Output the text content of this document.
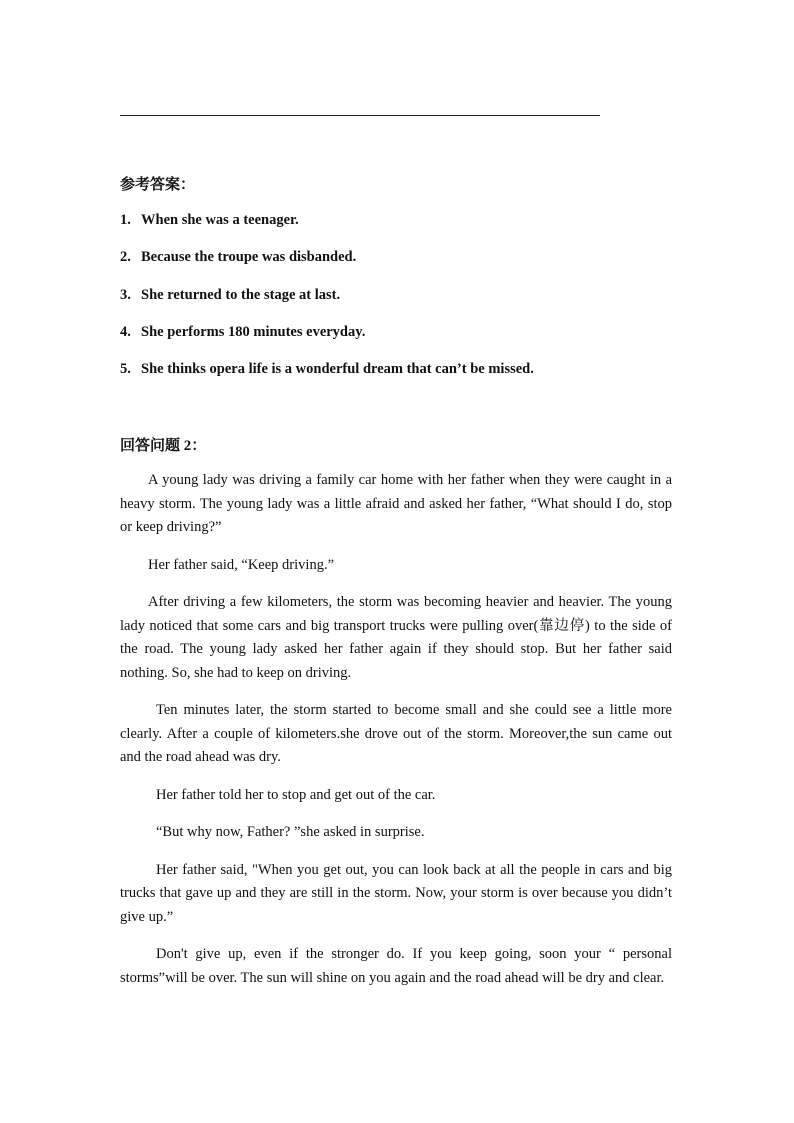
参考答案：
1. When she was a teenager.
2. Because the troupe was disbanded.
3. She returned to the stage at last.
4. She performs 180 minutes everyday.
5. She thinks opera life is a wonderful dream that can’t be missed.
回答问题 2：

A young lady was driving a family car home with her father when they were caught in a heavy storm. The young lady was a little afraid and asked her father, “What should I do, stop or keep driving?”

Her father said, “Keep driving.”

After driving a few kilometers, the storm was becoming heavier and heavier. The young lady noticed that some cars and big transport trucks were pulling over(靠边停) to the side of the road. The young lady asked her father again if they should stop. But her father said nothing. So, she had to keep on driving.

Ten minutes later, the storm started to become small and she could see a little more clearly. After a couple of kilometers.she drove out of the storm. Moreover,the sun came out and the road ahead was dry.

Her father told her to stop and get out of the car.

“But why now, Father? ”she asked in surprise.

Her father said, "When you get out, you can look back at all the people in cars and big trucks that gave up and they are still in the storm. Now, your storm is over because you didn’t give up.”

Don't give up, even if the stronger do. If you keep going, soon your “ personal storms”will be over. The sun will shine on you again and the road ahead will be dry and clear.
